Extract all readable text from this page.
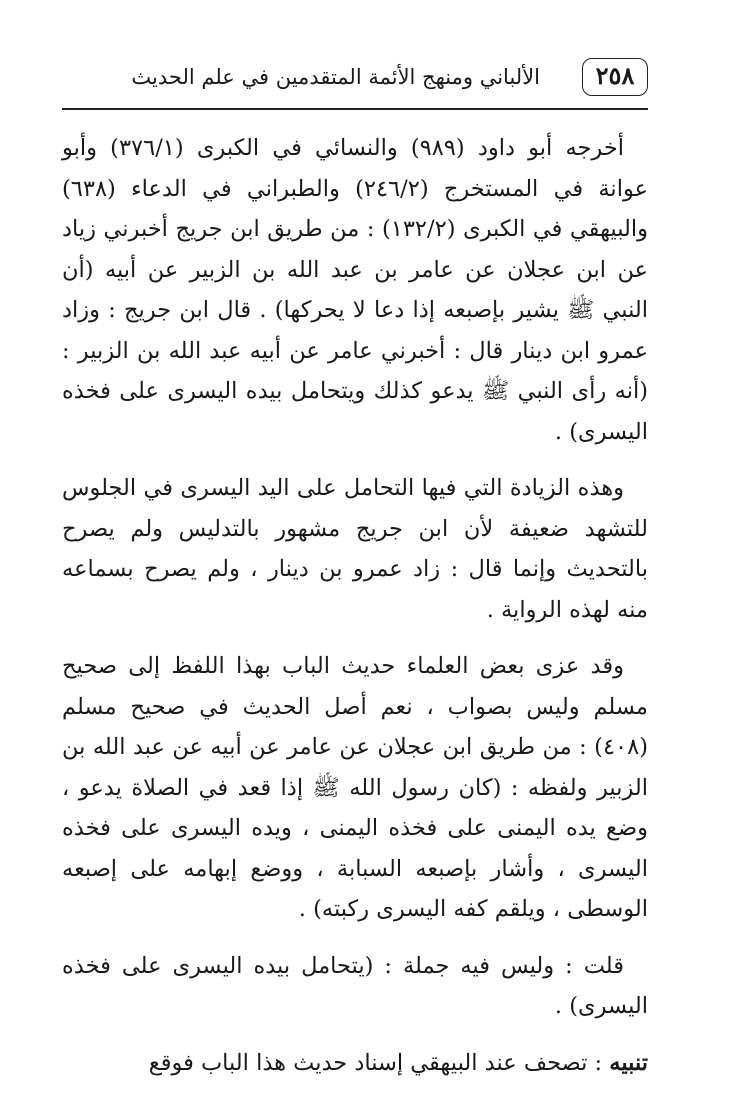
٢٥٨
الألباني ومنهج الأئمة المتقدمين في علم الحديث

أخرجه أبو داود (٩٨٩) والنسائي في الكبرى (٣٧٦/١) وأبو عوانة في المستخرج (٢٤٦/٢) والطبراني في الدعاء (٦٣٨) والبيهقي في الكبرى (١٣٢/٢) : من طريق ابن جريج أخبرني زياد عن ابن عجلان عن عامر بن عبد الله بن الزبير عن أبيه (أن النبي ﷺ يشير بإصبعه إذا دعا لا يحركها) . قال ابن جريج : وزاد عمرو ابن دينار قال : أخبرني عامر عن أبيه عبد الله بن الزبير : (أنه رأى النبي ﷺ يدعو كذلك ويتحامل بيده اليسرى على فخذه اليسرى) .

وهذه الزيادة التي فيها التحامل على اليد اليسرى في الجلوس للتشهد ضعيفة لأن ابن جريج مشهور بالتدليس ولم يصرح بالتحديث وإنما قال : زاد عمرو بن دينار ، ولم يصرح بسماعه منه لهذه الرواية .

وقد عزى بعض العلماء حديث الباب بهذا اللفظ إلى صحيح مسلم وليس بصواب ، نعم أصل الحديث في صحيح مسلم (٤٠٨) : من طريق ابن عجلان عن عامر عن أبيه عن عبد الله بن الزبير ولفظه : (كان رسول الله ﷺ إذا قعد في الصلاة يدعو ، وضع يده اليمنى على فخذه اليمنى ، ويده اليسرى على فخذه اليسرى ، وأشار بإصبعه السبابة ، ووضع إبهامه على إصبعه الوسطى ، ويلقم كفه اليسرى ركبته) .

قلت : وليس فيه جملة : (يتحامل بيده اليسرى على فخذه اليسرى) .

تنبيه : تصحف عند البيهقي إسناد حديث هذا الباب فوقع
